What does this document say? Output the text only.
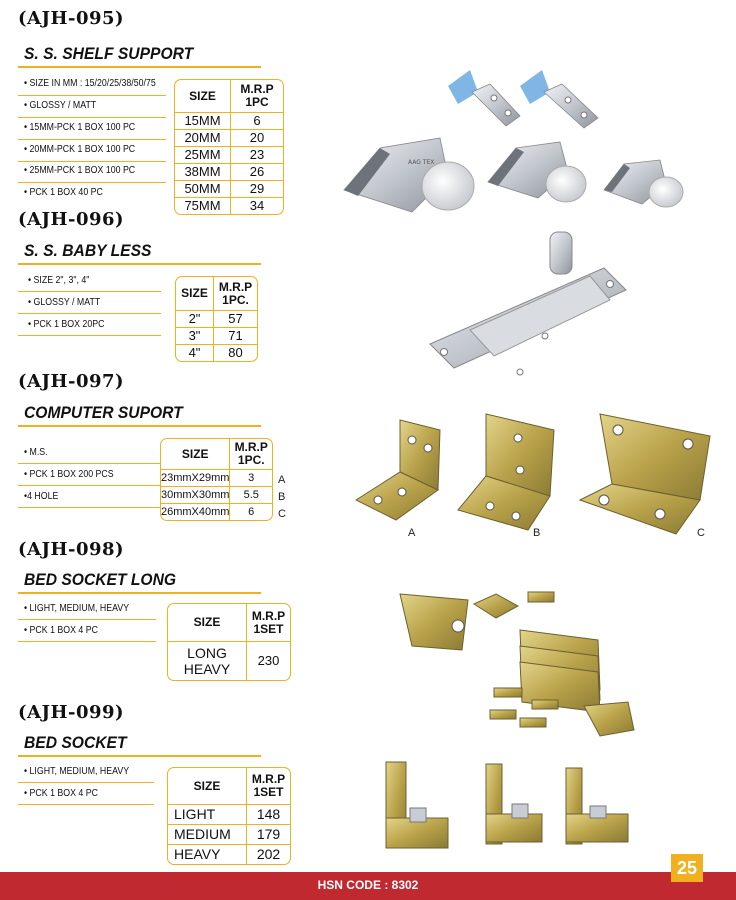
(AJH-095)
S. S. SHELF SUPPORT
• SIZE IN MM : 15/20/25/38/50/75
• GLOSSY / MATT
• 15MM-PCK 1 BOX 100 PC
• 20MM-PCK 1 BOX 100 PC
• 25MM-PCK 1 BOX 100 PC
• PCK 1 BOX 40 PC
SIZE	M.R.P 1PC
15MM	6
20MM	20
25MM	23
38MM	26
50MM	29
75MM	34
(AJH-096)
S. S. BABY LESS
• SIZE 2", 3", 4"
• GLOSSY / MATT
• PCK 1 BOX 20PC
SIZE	M.R.P 1PC.
2"	57
3"	71
4"	80
(AJH-097)
COMPUTER SUPORT
• M.S.
• PCK 1 BOX 200 PCS
•4 HOLE
SIZE	M.R.P 1PC.
23mmX29mm	3
30mmX30mm	5.5
26mmX40mm	6
A
B
C
(AJH-098)
BED SOCKET LONG
• LIGHT, MEDIUM, HEAVY
• PCK 1 BOX 4 PC
SIZE	M.R.P 1SET
LONG HEAVY	230
(AJH-099)
BED SOCKET
• LIGHT, MEDIUM, HEAVY
• PCK 1 BOX 4 PC
SIZE	M.R.P 1SET
LIGHT	148
MEDIUM	179
HEAVY	202
AAG TEX
A	B	C
HSN CODE : 8302
25
